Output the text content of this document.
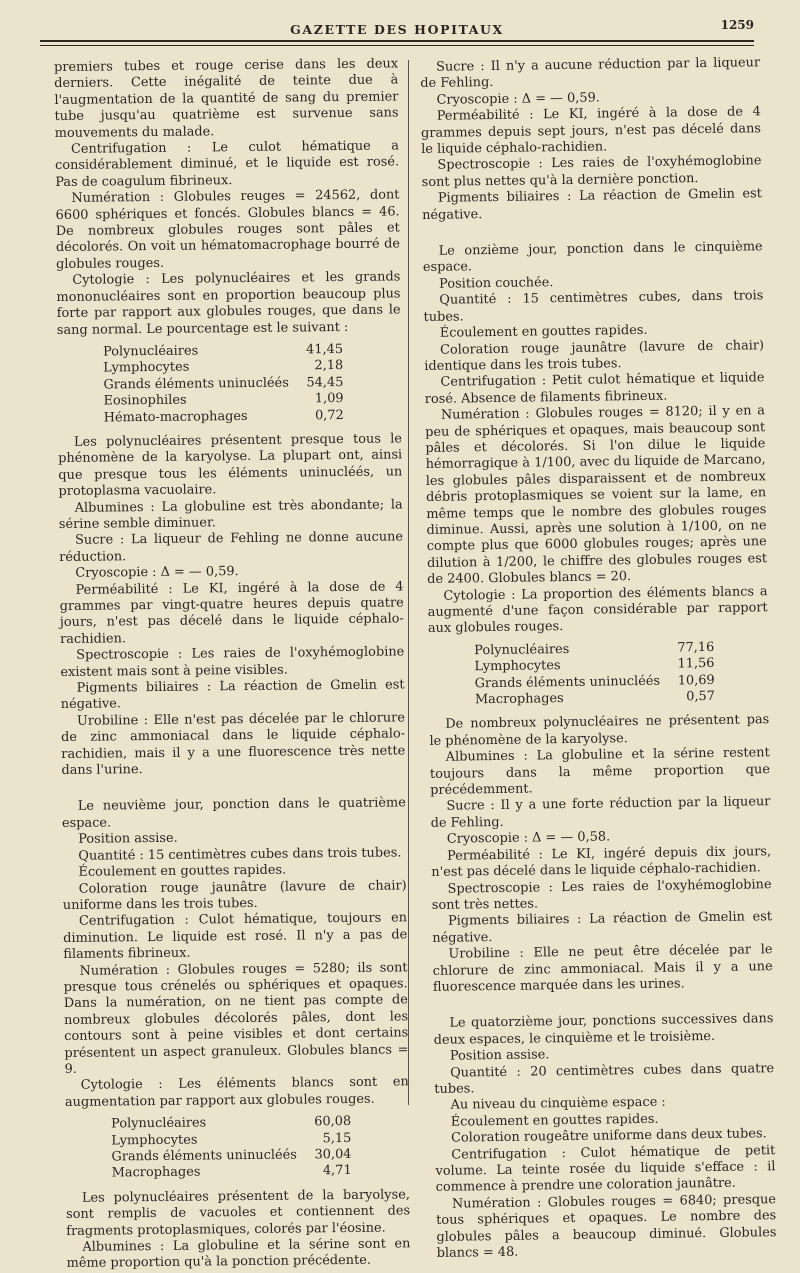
GAZETTE DES HOPITAUX	1259

premiers tubes et rouge cerise dans les deux derniers. Cette inégalité de teinte due à l'augmentation de la quantité de sang du premier tube jusqu'au quatrième est survenue sans mouvements du malade.

Centrifugation : Le culot hématique a considérablement diminué, et le liquide est rosé. Pas de coagulum fibrineux.

Numération : Globules reuges = 24562, dont 6600 sphériques et foncés. Globules blancs = 46. De nombreux globules rouges sont pâles et décolorés. On voit un hématomacrophage bourré de globules rouges.

Cytologie : Les polynucléaires et les grands mononucléaires sont en proportion beaucoup plus forte par rapport aux globules rouges, que dans le sang normal. Le pourcentage est le suivant :

Polynucléaires	41,45
Lymphocytes	2,18
Grands éléments uninucléés	54,45
Eosinophiles	1,09
Hémato-macrophages	0,72

Les polynucléaires présentent presque tous le phénomène de la karyolyse. La plupart ont, ainsi que presque tous les éléments uninucléés, un protoplasma vacuolaire.

Albumines : La globuline est très abondante; la sérine semble diminuer.

Sucre : La liqueur de Fehling ne donne aucune réduction.

Cryoscopie : Δ = — 0,59.

Perméabilité : Le KI, ingéré à la dose de 4 grammes par vingt-quatre heures depuis quatre jours, n'est pas décelé dans le liquide céphalo-rachidien.

Spectroscopie : Les raies de l'oxyhémoglobine existent mais sont à peine visibles.

Pigments biliaires : La réaction de Gmelin est négative.

Urobiline : Elle n'est pas décelée par le chlorure de zinc ammoniacal dans le liquide céphalo-rachidien, mais il y a une fluorescence très nette dans l'urine.

Le neuvième jour, ponction dans le quatrième espace.

Position assise.

Quantité : 15 centimètres cubes dans trois tubes.

Écoulement en gouttes rapides.

Coloration rouge jaunâtre (lavure de chair) uniforme dans les trois tubes.

Centrifugation : Culot hématique, toujours en diminution. Le liquide est rosé. Il n'y a pas de filaments fibrineux.

Numération : Globules rouges = 5280; ils sont presque tous crénelés ou sphériques et opaques. Dans la numération, on ne tient pas compte de nombreux globules décolorés pâles, dont les contours sont à peine visibles et dont certains présentent un aspect granuleux. Globules blancs = 9.

Cytologie : Les éléments blancs sont en augmentation par rapport aux globules rouges.

Polynucléaires	60,08
Lymphocytes	5,15
Grands éléments uninucléés	30,04
Macrophages	4,71

Les polynucléaires présentent de la baryolyse, sont remplis de vacuoles et contiennent des fragments protoplasmiques, colorés par l'éosine.

Albumines : La globuline et la sérine sont en même proportion qu'à la ponction précédente.

Sucre : Il n'y a aucune réduction par la liqueur de Fehling.

Cryoscopie : Δ = — 0,59.

Perméabilité : Le KI, ingéré à la dose de 4 grammes depuis sept jours, n'est pas décelé dans le liquide céphalo-rachidien.

Spectroscopie : Les raies de l'oxyhémoglobine sont plus nettes qu'à la dernière ponction.

Pigments biliaires : La réaction de Gmelin est négative.

Le onzième jour, ponction dans le cinquième espace.

Position couchée.

Quantité : 15 centimètres cubes, dans trois tubes.

Écoulement en gouttes rapides.

Coloration rouge jaunâtre (lavure de chair) identique dans les trois tubes.

Centrifugation : Petit culot hématique et liquide rosé. Absence de filaments fibrineux.

Numération : Globules rouges = 8120; il y en a peu de sphériques et opaques, mais beaucoup sont pâles et décolorés. Si l'on dilue le liquide hémorragique à 1/100, avec du liquide de Marcano, les globules pâles disparaissent et de nombreux débris protoplasmiques se voient sur la lame, en même temps que le nombre des globules rouges diminue. Aussi, après une solution à 1/100, on ne compte plus que 6000 globules rouges; après une dilution à 1/200, le chiffre des globules rouges est de 2400. Globules blancs = 20.

Cytologie : La proportion des éléments blancs a augmenté d'une façon considérable par rapport aux globules rouges.

Polynucléaires	77,16
Lymphocytes	11,56
Grands éléments uninucléés	10,69
Macrophages	0,57

De nombreux polynucléaires ne présentent pas le phénomène de la karyolyse.

Albumines : La globuline et la sérine restent toujours dans la même proportion que précédemment.

Sucre : Il y a une forte réduction par la liqueur de Fehling.

Cryoscopie : Δ = — 0,58.

Perméabilité : Le KI, ingéré depuis dix jours, n'est pas décelé dans le liquide céphalo-rachidien.

Spectroscopie : Les raies de l'oxyhémoglobine sont très nettes.

Pigments biliaires : La réaction de Gmelin est négative.

Urobiline : Elle ne peut être décelée par le chlorure de zinc ammoniacal. Mais il y a une fluorescence marquée dans les urines.

Le quatorzième jour, ponctions successives dans deux espaces, le cinquième et le troisième.

Position assise.

Quantité : 20 centimètres cubes dans quatre tubes.

Au niveau du cinquième espace :

Écoulement en gouttes rapides.

Coloration rougeâtre uniforme dans deux tubes.

Centrifugation : Culot hématique de petit volume. La teinte rosée du liquide s'efface : il commence à prendre une coloration jaunâtre.

Numération : Globules rouges = 6840; presque tous sphériques et opaques. Le nombre des globules pâles a beaucoup diminué. Globules blancs = 48.
